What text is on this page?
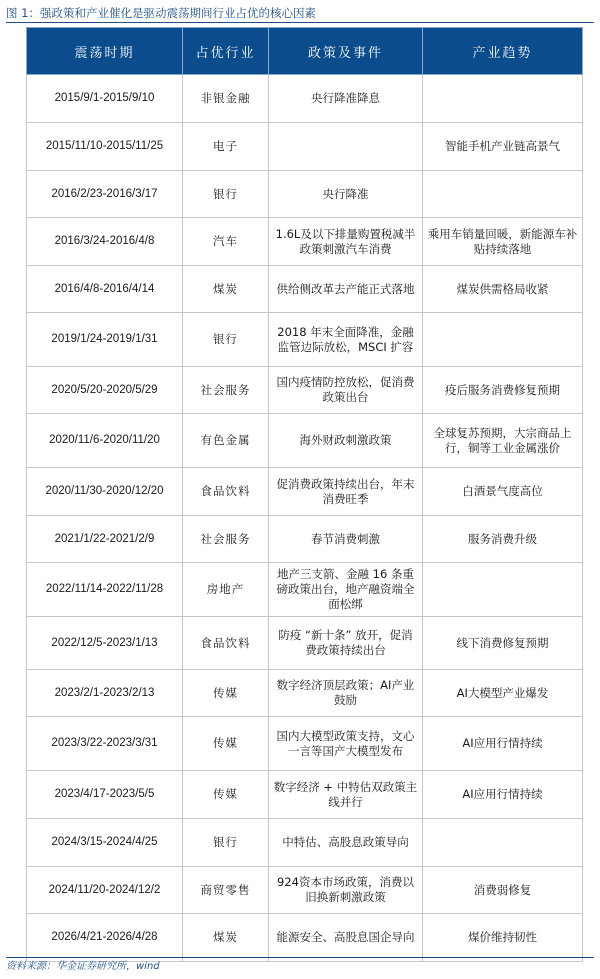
图 1：强政策和产业催化是驱动震荡期间行业占优的核心因素
震荡时期	占优行业	政策及事件	产业趋势
2015/9/1-2015/9/10	非银金融	央行降准降息	
2015/11/10-2015/11/25	电子		智能手机产业链高景气
2016/2/23-2016/3/17	银行	央行降准	
2016/3/24-2016/4/8	汽车	1.6L及以下排量购置税减半政策刺激汽车消费	乘用车销量回暖，新能源车补贴持续落地
2016/4/8-2016/4/14	煤炭	供给侧改革去产能正式落地	煤炭供需格局收紧
2019/1/24-2019/1/31	银行	2018 年末全面降准，金融监管边际放松，MSCI 扩容	
2020/5/20-2020/5/29	社会服务	国内疫情防控放松，促消费政策出台	疫后服务消费修复预期
2020/11/6-2020/11/20	有色金属	海外财政刺激政策	全球复苏预期，大宗商品上行，铜等工业金属涨价
2020/11/30-2020/12/20	食品饮料	促消费政策持续出台，年末消费旺季	白酒景气度高位
2021/1/22-2021/2/9	社会服务	春节消费刺激	服务消费升级
2022/11/14-2022/11/28	房地产	地产三支箭、金融 16 条重磅政策出台，地产融资端全面松绑	
2022/12/5-2023/1/13	食品饮料	防疫 “新十条” 放开，促消费政策持续出台	线下消费修复预期
2023/2/1-2023/2/13	传媒	数字经济顶层政策；AI产业鼓励	AI大模型产业爆发
2023/3/22-2023/3/31	传媒	国内大模型政策支持，文心一言等国产大模型发布	AI应用行情持续
2023/4/17-2023/5/5	传媒	数字经济 + 中特估双政策主线并行	AI应用行情持续
2024/3/15-2024/4/25	银行	中特估、高股息政策导向	
2024/11/20-2024/12/2	商贸零售	924资本市场政策，消费以旧换新刺激政策	消费弱修复
2026/4/21-2026/4/28	煤炭	能源安全、高股息国企导向	煤价维持韧性
资料来源：华金证券研究所，wind
